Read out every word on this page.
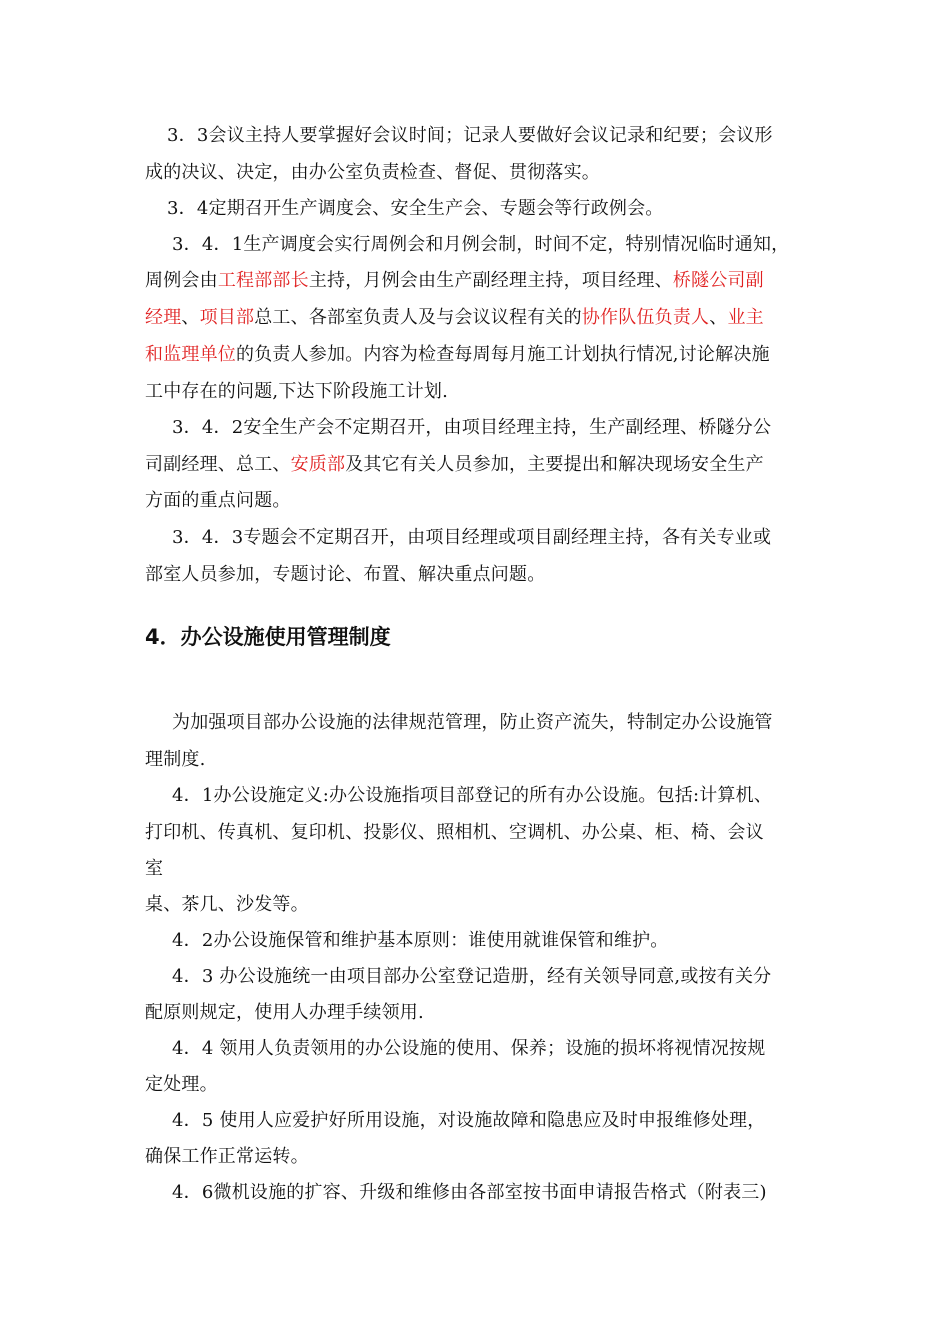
3．3会议主持人要掌握好会议时间；记录人要做好会议记录和纪要；会议形
成的决议、决定，由办公室负责检查、督促、贯彻落实。
3．4定期召开生产调度会、安全生产会、专题会等行政例会。
3．4．1生产调度会实行周例会和月例会制，时间不定，特别情况临时通知，
周例会由工程部部长主持，月例会由生产副经理主持，项目经理、桥隧公司副
经理、项目部总工、各部室负责人及与会议议程有关的协作队伍负责人、业主
和监理单位的负责人参加。内容为检查每周每月施工计划执行情况,讨论解决施
工中存在的问题,下达下阶段施工计划.
3．4．2安全生产会不定期召开，由项目经理主持，生产副经理、桥隧分公
司副经理、总工、安质部及其它有关人员参加，主要提出和解决现场安全生产
方面的重点问题。
3．4．3专题会不定期召开，由项目经理或项目副经理主持，各有关专业或
部室人员参加，专题讨论、布置、解决重点问题。
4．办公设施使用管理制度
为加强项目部办公设施的法律规范管理，防止资产流失，特制定办公设施管
理制度.
4．1办公设施定义:办公设施指项目部登记的所有办公设施。包括:计算机、
打印机、传真机、复印机、投影仪、照相机、空调机、办公桌、柜、椅、会议
室
桌、茶几、沙发等。
4．2办公设施保管和维护基本原则：谁使用就谁保管和维护。
4．3 办公设施统一由项目部办公室登记造册，经有关领导同意,或按有关分
配原则规定，使用人办理手续领用.
4．4 领用人负责领用的办公设施的使用、保养；设施的损坏将视情况按规
定处理。
4．5 使用人应爱护好所用设施，对设施故障和隐患应及时申报维修处理，
确保工作正常运转。
4．6微机设施的扩容、升级和维修由各部室按书面申请报告格式（附表三)
